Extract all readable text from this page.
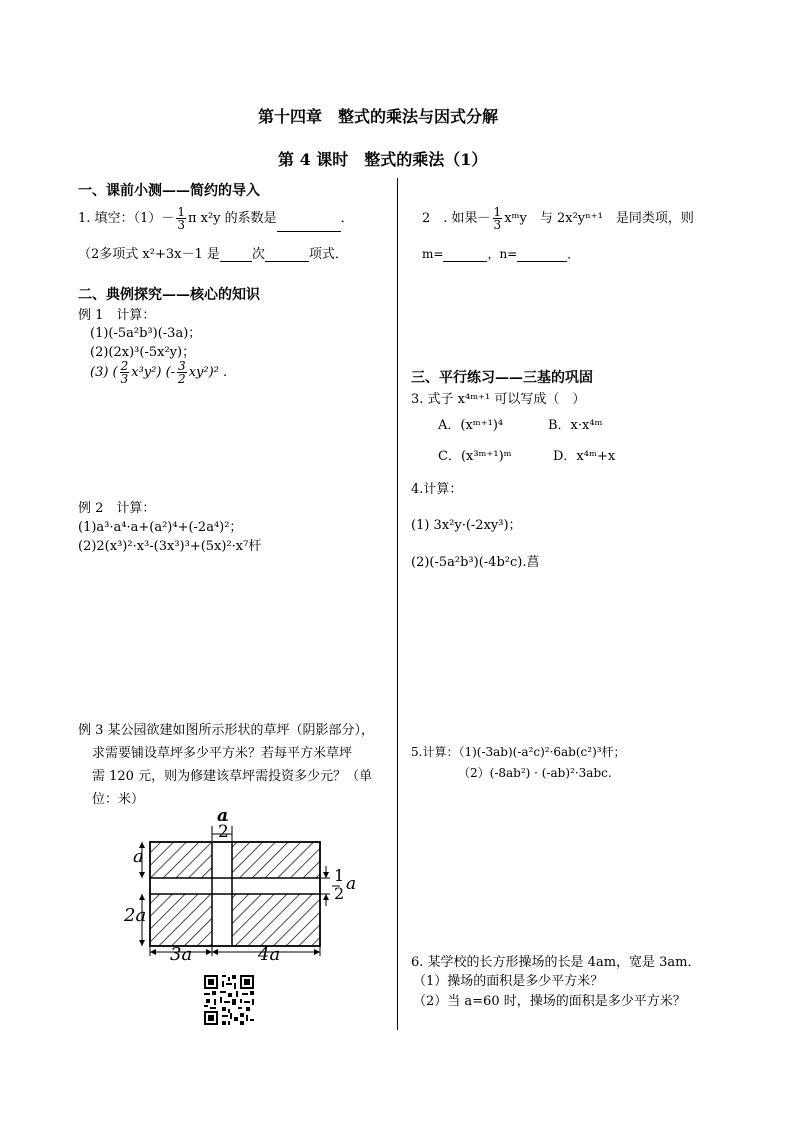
第十四章　整式的乘法与因式分解
第 4 课时　整式的乘法（1）
一、课前小测——简约的导入
1. 填空：$(1)- \frac{1}{3}$ π x²y 的系数是	．
（2多项式 x²+3x－1 是 次	项式．
二、典例探究——核心的知识
例 1　计算：
(1)(-5a²b³)(-3a)；
(2)(2x)³(-5x²y)；
(3) ( $\frac{2}{3} x^3y^2$) (- $\frac{3}{2} xy^2)^2$ .
例 2　计算：
(1)a³·a⁴·a+(a²)⁴+(-2a⁴)²；
(2)2(x³)²·x³-(3x³)³+(5x)²·x⁷杆
例 3 某公园欲建如图所示形状的草坪（阴影部分），
求需要铺设草坪多少平方米？若每平方米草坪
需 120 元，则为修建该草坪需投资多少元？（单
位：米）
a
2
a
2a
3a	4a
1
2 a
2　. 如果－ $\frac{1}{3}$ xᵐy　与 2x²yⁿ⁺¹　是同类项，则
m=	，n=	．
三、平行练习——三基的巩固
3. 式子 x⁴ᵐ⁺¹ 可以写成（　）
A．(xᵐ⁺¹)⁴	B．x·x⁴ᵐ
C．(x³ᵐ⁺¹)ᵐ	D．x⁴ᵐ+x
4.计算：
(1) 3x²y·(-2xy³)；
(2)(-5a²b³)(-4b²c).菖
5.计算：（1)(-3ab)(-a²c)²·6ab(c²)³杆；
（2）(-8ab²) · (-ab)²·3abc.
6. 某学校的长方形操场的长是 4am，宽是 3am．
（1）操场的面积是多少平方米？
（2）当 a=60 时，操场的面积是多少平方米？
